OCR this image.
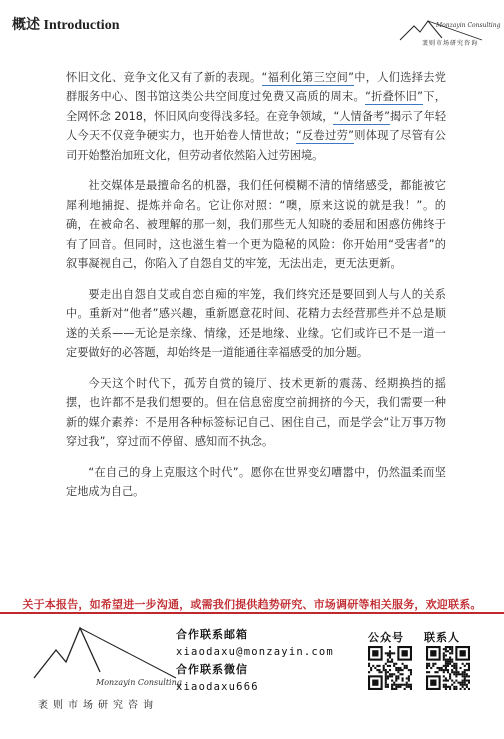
概述 Introduction	Monzayin Consulting
袤则市场研究咨询

怀旧文化、竞争文化又有了新的表现。“福利化第三空间”中，人们选择去党群服务中心、图书馆这类公共空间度过免费又高质的周末。“折叠怀旧”下，全网怀念 2018，怀旧风向变得浅多轻。在竞争领域，“人情备考”揭示了年轻人今天不仅竞争硬实力，也开始卷人情世故；“反卷过劳”则体现了尽管有公司开始整治加班文化，但劳动者依然陷入过劳困境。

社交媒体是最擅命名的机器，我们任何模糊不清的情绪感受，都能被它犀利地捕捉、提炼并命名。它让你对照：“噢，原来这说的就是我！”。的确，在被命名、被理解的那一刻，我们那些无人知晓的委屈和困惑仿佛终于有了回音。但同时，这也滋生着一个更为隐秘的风险：你开始用“受害者”的叙事凝视自己，你陷入了自怨自艾的牢笼，无法出走，更无法更新。

要走出自怨自艾或自恋自痴的牢笼，我们终究还是要回到人与人的关系中。重新对“他者”感兴趣，重新愿意花时间、花精力去经营那些并不总是顺遂的关系——无论是亲缘、情缘，还是地缘、业缘。它们或许已不是一道一定要做好的必答题，却始终是一道能通往幸福感受的加分题。

今天这个时代下，孤芳自赏的镜厅、技术更新的震荡、经期换挡的摇摆，也许都不是我们想要的。但在信息密度空前拥挤的今天，我们需要一种新的媒介素养：不是用各种标签标记自己、困住自己，而是学会“让万事万物穿过我”，穿过而不停留、感知而不执念。

“在自己的身上克服这个时代”。愿你在世界变幻嘈嚣中，仍然温柔而坚定地成为自己。

关于本报告，如希望进一步沟通，或需我们提供趋势研究、市场调研等相关服务，欢迎联系。
Monzayin Consulting
袤则市场研究咨询
合作联系邮箱
xiaodaxu@monzayin.com
合作联系微信
xiaodaxu666
公众号 联系人
